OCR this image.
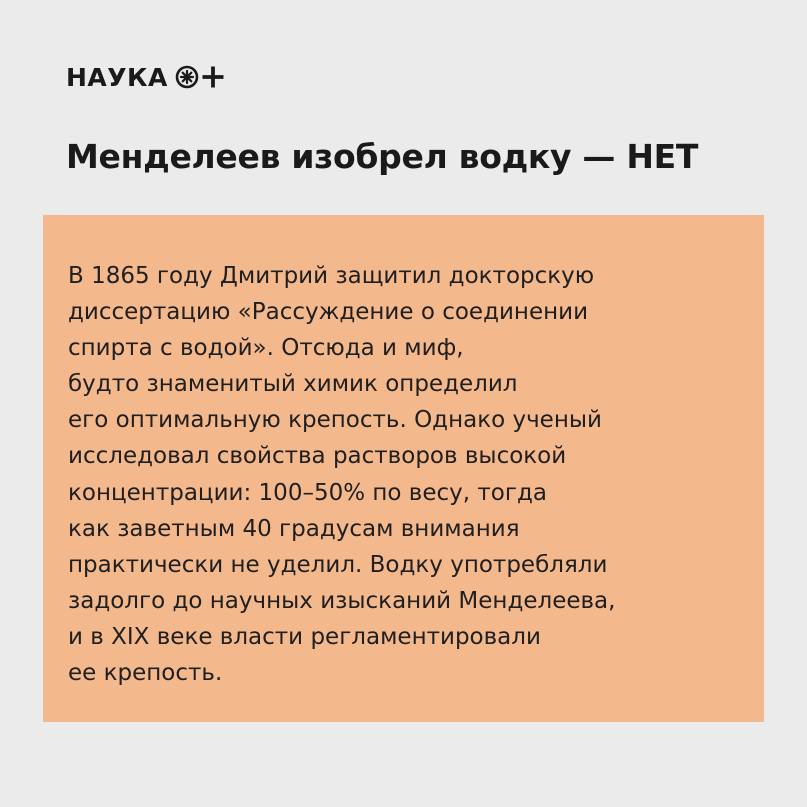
НАУКА
Менделеев изобрел водку — НЕТ
В 1865 году Дмитрий защитил докторскую
диссертацию «Рассуждение о соединении
спирта с водой». Отсюда и миф,
будто знаменитый химик определил
его оптимальную крепость. Однако ученый
исследовал свойства растворов высокой
концентрации: 100–50% по весу, тогда
как заветным 40 градусам внимания
практически не уделил. Водку употребляли
задолго до научных изысканий Менделеева,
и в XIX веке власти регламентировали
ее крепость.
